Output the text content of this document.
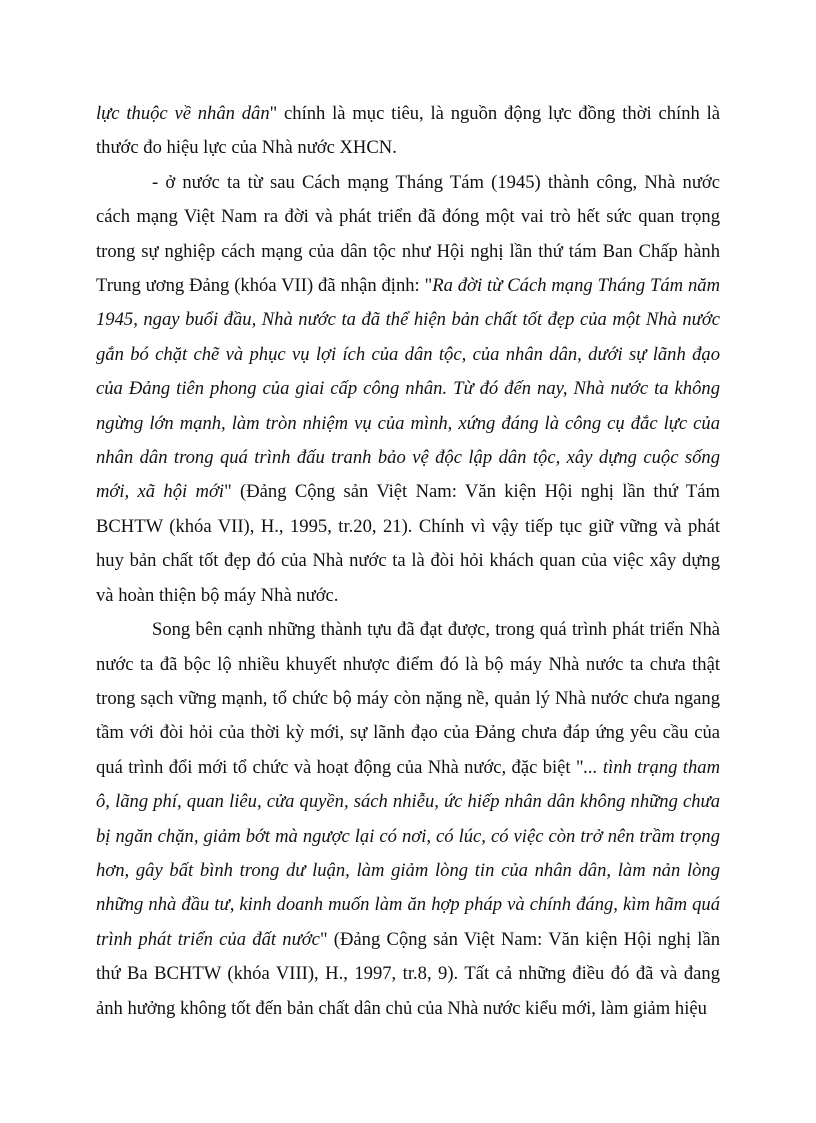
lực thuộc về nhân dân" chính là mục tiêu, là nguồn động lực đồng thời chính là thước đo hiệu lực của Nhà nước XHCN.

- ở nước ta từ sau Cách mạng Tháng Tám (1945) thành công, Nhà nước cách mạng Việt Nam ra đời và phát triển đã đóng một vai trò hết sức quan trọng trong sự nghiệp cách mạng của dân tộc như Hội nghị lần thứ tám Ban Chấp hành Trung ương Đảng (khóa VII) đã nhận định: "Ra đời từ Cách mạng Tháng Tám năm 1945, ngay buổi đầu, Nhà nước ta đã thể hiện bản chất tốt đẹp của một Nhà nước gắn bó chặt chẽ và phục vụ lợi ích của dân tộc, của nhân dân, dưới sự lãnh đạo của Đảng tiên phong của giai cấp công nhân. Từ đó đến nay, Nhà nước ta không ngừng lớn mạnh, làm tròn nhiệm vụ của mình, xứng đáng là công cụ đắc lực của nhân dân trong quá trình đấu tranh bảo vệ độc lập dân tộc, xây dựng cuộc sống mới, xã hội mới" (Đảng Cộng sản Việt Nam: Văn kiện Hội nghị lần thứ Tám BCHTW (khóa VII), H., 1995, tr.20, 21). Chính vì vậy tiếp tục giữ vững và phát huy bản chất tốt đẹp đó của Nhà nước ta là đòi hỏi khách quan của việc xây dựng và hoàn thiện bộ máy Nhà nước.

Song bên cạnh những thành tựu đã đạt được, trong quá trình phát triển Nhà nước ta đã bộc lộ nhiều khuyết nhược điểm đó là bộ máy Nhà nước ta chưa thật trong sạch vững mạnh, tổ chức bộ máy còn nặng nề, quản lý Nhà nước chưa ngang tầm với đòi hỏi của thời kỳ mới, sự lãnh đạo của Đảng chưa đáp ứng yêu cầu của quá trình đổi mới tổ chức và hoạt động của Nhà nước, đặc biệt "... tình trạng tham ô, lãng phí, quan liêu, cửa quyền, sách nhiễu, ức hiếp nhân dân không những chưa bị ngăn chặn, giảm bớt mà ngược lại có nơi, có lúc, có việc còn trở nên trầm trọng hơn, gây bất bình trong dư luận, làm giảm lòng tin của nhân dân, làm nản lòng những nhà đầu tư, kinh doanh muốn làm ăn hợp pháp và chính đáng, kìm hãm quá trình phát triển của đất nước" (Đảng Cộng sản Việt Nam: Văn kiện Hội nghị lần thứ Ba BCHTW (khóa VIII), H., 1997, tr.8, 9). Tất cả những điều đó đã và đang ảnh hưởng không tốt đến bản chất dân chủ của Nhà nước kiểu mới, làm giảm hiệu
